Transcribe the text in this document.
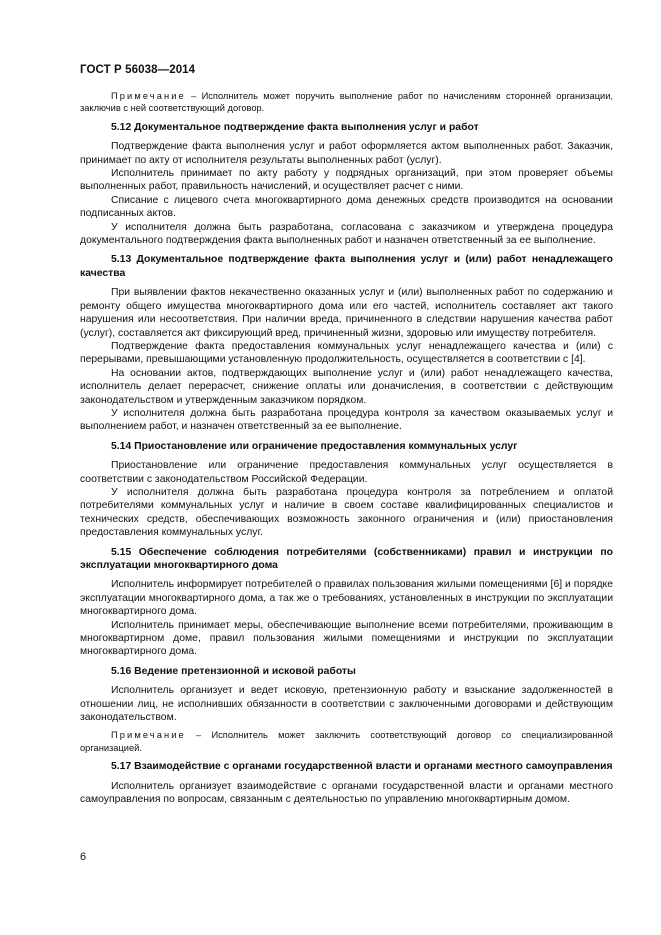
ГОСТ Р 56038—2014

Примечание – Исполнитель может поручить выполнение работ по начислениям сторонней организации, заключив с ней соответствующий договор.

5.12 Документальное подтверждение факта выполнения услуг и работ

Подтверждение факта выполнения услуг и работ оформляется актом выполненных работ. Заказчик, принимает по акту от исполнителя результаты выполненных работ (услуг).

Исполнитель принимает по акту работу у подрядных организаций, при этом проверяет объемы выполненных работ, правильность начислений, и осуществляет расчет с ними.

Списание с лицевого счета многоквартирного дома денежных средств производится на основании подписанных актов.

У исполнителя должна быть разработана, согласована с заказчиком и утверждена процедура документального подтверждения факта выполненных работ и назначен ответственный за ее выполнение.

5.13 Документальное подтверждение факта выполнения услуг и (или) работ ненадлежащего качества

При выявлении фактов некачественно оказанных услуг и (или) выполненных работ по содержанию и ремонту общего имущества многоквартирного дома или его частей, исполнитель составляет акт такого нарушения или несоответствия. При наличии вреда, причиненного в следствии нарушения качества работ (услуг), составляется акт фиксирующий вред, причиненный жизни, здоровью или имуществу потребителя.

Подтверждение факта предоставления коммунальных услуг ненадлежащего качества и (или) с перерывами, превышающими установленную продолжительность, осуществляется в соответствии с [4].

На основании актов, подтверждающих выполнение услуг и (или) работ ненадлежащего качества, исполнитель делает перерасчет, снижение оплаты или доначисления, в соответствии с действующим законодательством и утвержденным заказчиком порядком.

У исполнителя должна быть разработана процедура контроля за качеством оказываемых услуг и выполнением работ, и назначен ответственный за ее выполнение.

5.14 Приостановление или ограничение предоставления коммунальных услуг

Приостановление или ограничение предоставления коммунальных услуг осуществляется в соответствии с законодательством Российской Федерации.

У исполнителя должна быть разработана процедура контроля за потреблением и оплатой потребителями коммунальных услуг и наличие в своем составе квалифицированных специалистов и технических средств, обеспечивающих возможность законного ограничения и (или) приостановления предоставления коммунальных услуг.

5.15 Обеспечение соблюдения потребителями (собственниками) правил и инструкции по эксплуатации многоквартирного дома

Исполнитель информирует потребителей о правилах пользования жилыми помещениями [6] и порядке эксплуатации многоквартирного дома, а так же о требованиях, установленных в инструкции по эксплуатации многоквартирного дома.

Исполнитель принимает меры, обеспечивающие выполнение всеми потребителями, проживающим в многоквартирном доме, правил пользования жилыми помещениями и инструкции по эксплуатации многоквартирного дома.

5.16 Ведение претензионной и исковой работы

Исполнитель организует и ведет исковую, претензионную работу и взыскание задолженностей в отношении лиц, не исполнивших обязанности в соответствии с заключенными договорами и действующим законодательством.

Примечание – Исполнитель может заключить соответствующий договор со специализированной организацией.

5.17 Взаимодействие с органами государственной власти и органами местного самоуправления

Исполнитель организует взаимодействие с органами государственной власти и органами местного самоуправления по вопросам, связанным с деятельностью по управлению многоквартирным домом.

6
